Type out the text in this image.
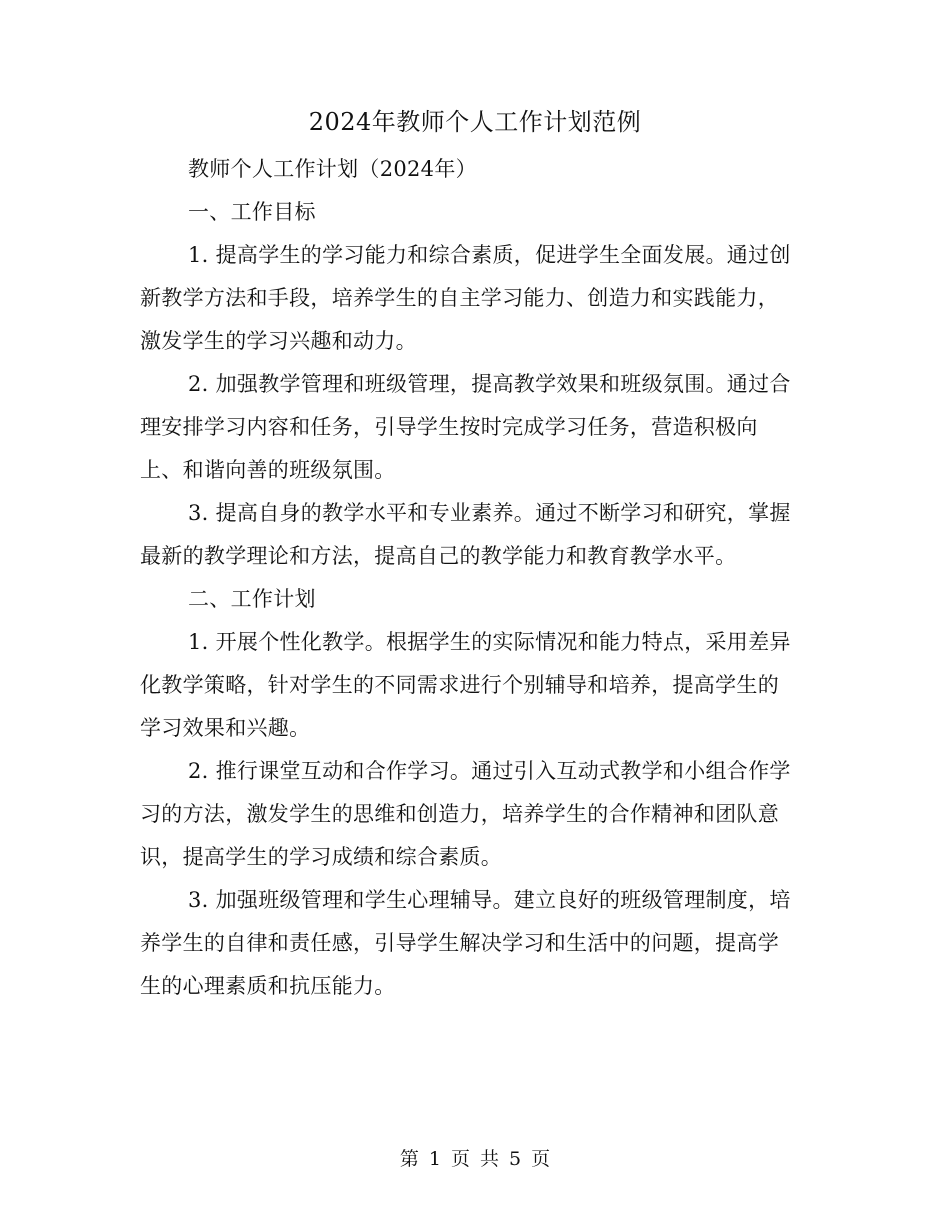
2024年教师个人工作计划范例
教师个人工作计划（2024年）
一、工作目标
1. 提高学生的学习能力和综合素质，促进学生全面发展。通过创
新教学方法和手段，培养学生的自主学习能力、创造力和实践能力，
激发学生的学习兴趣和动力。
2. 加强教学管理和班级管理，提高教学效果和班级氛围。通过合
理安排学习内容和任务，引导学生按时完成学习任务，营造积极向
上、和谐向善的班级氛围。
3. 提高自身的教学水平和专业素养。通过不断学习和研究，掌握
最新的教学理论和方法，提高自己的教学能力和教育教学水平。
二、工作计划
1. 开展个性化教学。根据学生的实际情况和能力特点，采用差异
化教学策略，针对学生的不同需求进行个别辅导和培养，提高学生的
学习效果和兴趣。
2. 推行课堂互动和合作学习。通过引入互动式教学和小组合作学
习的方法，激发学生的思维和创造力，培养学生的合作精神和团队意
识，提高学生的学习成绩和综合素质。
3. 加强班级管理和学生心理辅导。建立良好的班级管理制度，培
养学生的自律和责任感，引导学生解决学习和生活中的问题，提高学
生的心理素质和抗压能力。
第 1 页 共 5 页
